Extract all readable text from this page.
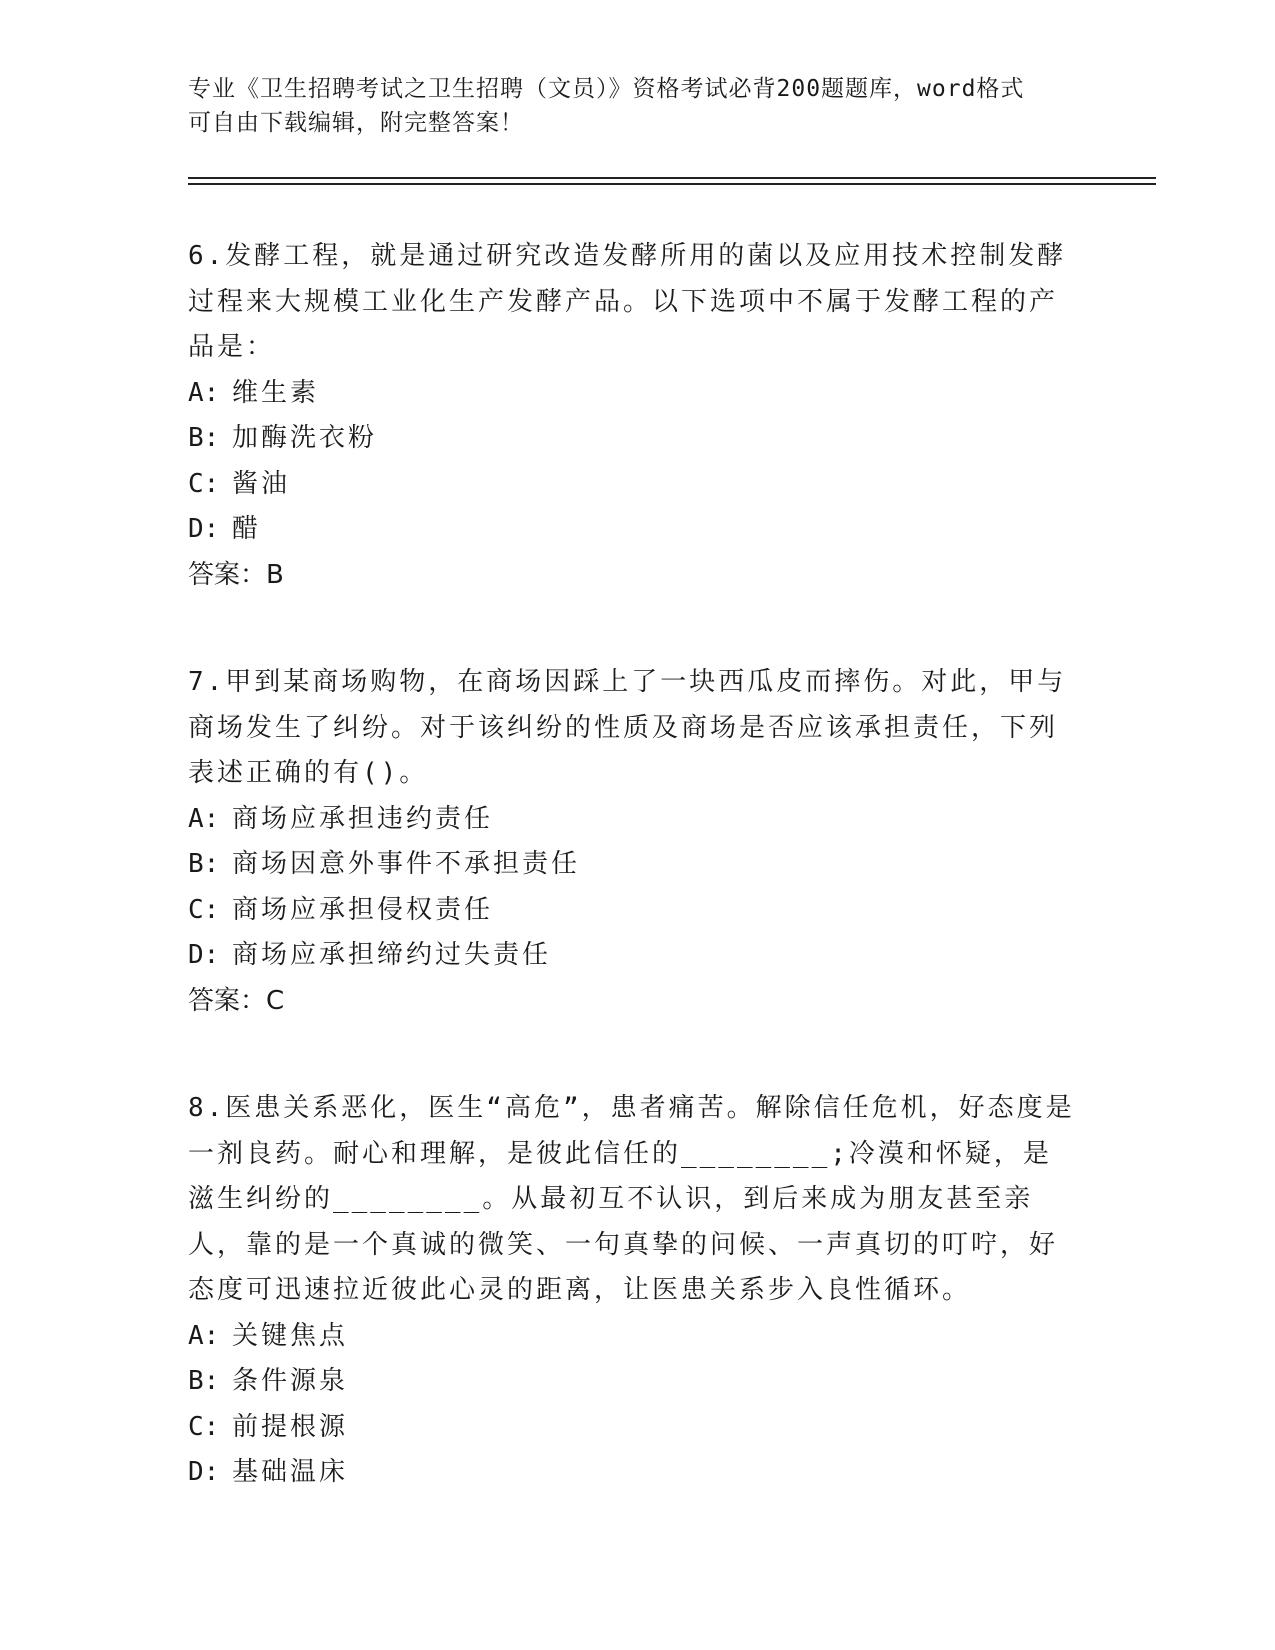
专业《卫生招聘考试之卫生招聘（文员）》资格考试必背200题题库，word格式
可自由下载编辑，附完整答案！

6.发酵工程，就是通过研究改造发酵所用的菌以及应用技术控制发酵过程来大规模工业化生产发酵产品。以下选项中不属于发酵工程的产品是：

A: 维生素

B: 加酶洗衣粉

C: 酱油

D: 醋

答案：B

7.甲到某商场购物，在商场因踩上了一块西瓜皮而摔伤。对此，甲与商场发生了纠纷。对于该纠纷的性质及商场是否应该承担责任，下列表述正确的有()。

A: 商场应承担违约责任

B: 商场因意外事件不承担责任

C: 商场应承担侵权责任

D: 商场应承担缔约过失责任

答案：C

8.医患关系恶化，医生“高危”，患者痛苦。解除信任危机，好态度是一剂良药。耐心和理解，是彼此信任的________;冷漠和怀疑，是滋生纠纷的________。从最初互不认识，到后来成为朋友甚至亲人，靠的是一个真诚的微笑、一句真挚的问候、一声真切的叮咛，好态度可迅速拉近彼此心灵的距离，让医患关系步入良性循环。

A: 关键焦点

B: 条件源泉

C: 前提根源

D: 基础温床
